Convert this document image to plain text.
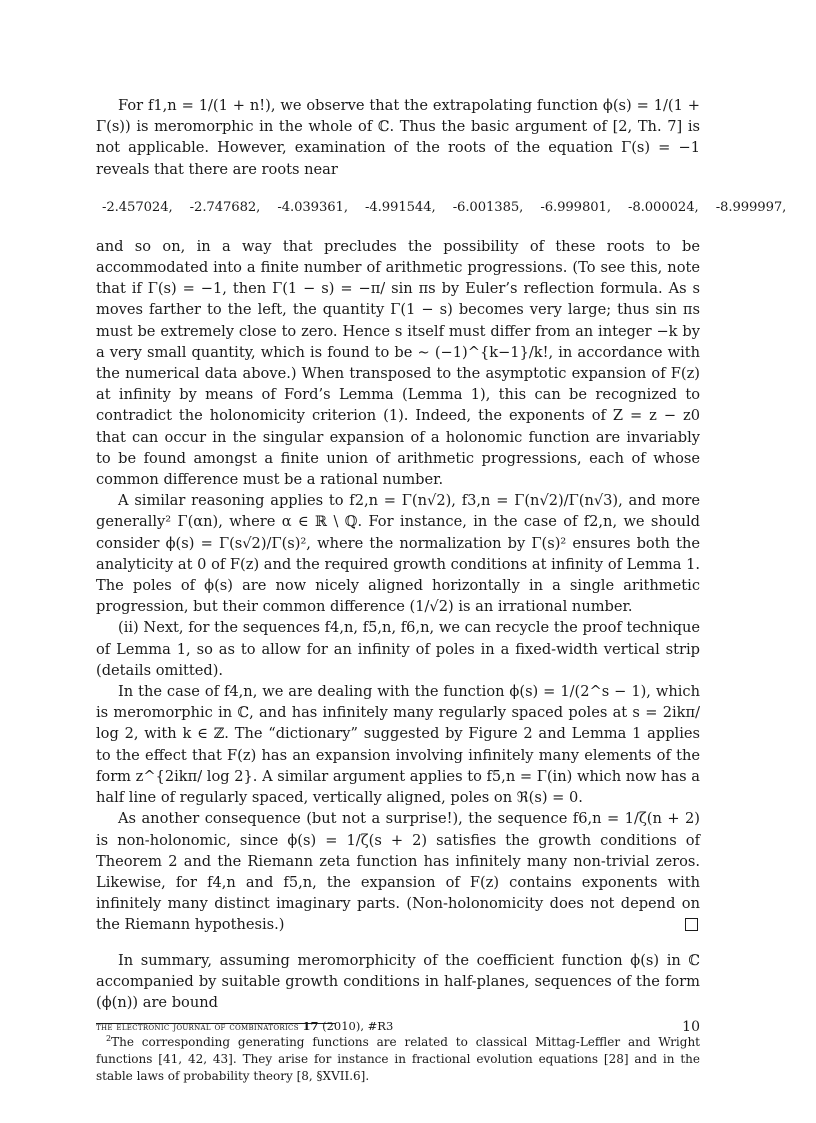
For f1,n = 1/(1 + n!), we observe that the extrapolating function ϕ(s) = 1/(1 + Γ(s)) is meromorphic in the whole of ℂ. Thus the basic argument of [2, Th. 7] is not applicable. However, examination of the roots of the equation Γ(s) = −1 reveals that there are roots near

-2.457024, -2.747682, -4.039361, -4.991544, -6.001385, -6.999801, -8.000024, -8.999997,

and so on, in a way that precludes the possibility of these roots to be accommodated into a finite number of arithmetic progressions. (To see this, note that if Γ(s) = −1, then Γ(1 − s) = −π/ sin πs by Euler’s reflection formula. As s moves farther to the left, the quantity Γ(1 − s) becomes very large; thus sin πs must be extremely close to zero. Hence s itself must differ from an integer −k by a very small quantity, which is found to be ∼ (−1)^{k−1}/k!, in accordance with the numerical data above.) When transposed to the asymptotic expansion of F(z) at infinity by means of Ford’s Lemma (Lemma 1), this can be recognized to contradict the holonomicity criterion (1). Indeed, the exponents of Z = z − z0 that can occur in the singular expansion of a holonomic function are invariably to be found amongst a finite union of arithmetic progressions, each of whose common difference must be a rational number.

A similar reasoning applies to f2,n = Γ(n√2), f3,n = Γ(n√2)/Γ(n√3), and more generally² Γ(αn), where α ∈ ℝ \ ℚ. For instance, in the case of f2,n, we should consider ϕ(s) = Γ(s√2)/Γ(s)², where the normalization by Γ(s)² ensures both the analyticity at 0 of F(z) and the required growth conditions at infinity of Lemma 1. The poles of ϕ(s) are now nicely aligned horizontally in a single arithmetic progression, but their common difference (1/√2) is an irrational number.

(ii) Next, for the sequences f4,n, f5,n, f6,n, we can recycle the proof technique of Lemma 1, so as to allow for an infinity of poles in a fixed-width vertical strip (details omitted).

In the case of f4,n, we are dealing with the function ϕ(s) = 1/(2^s − 1), which is meromorphic in ℂ, and has infinitely many regularly spaced poles at s = 2ikπ/ log 2, with k ∈ ℤ. The “dictionary” suggested by Figure 2 and Lemma 1 applies to the effect that F(z) has an expansion involving infinitely many elements of the form z^{2ikπ/ log 2}. A similar argument applies to f5,n = Γ(in) which now has a half line of regularly spaced, vertically aligned, poles on ℜ(s) = 0.

As another consequence (but not a surprise!), the sequence f6,n = 1/ζ(n + 2) is non-holonomic, since ϕ(s) = 1/ζ(s + 2) satisfies the growth conditions of Theorem 2 and the Riemann zeta function has infinitely many non-trivial zeros. Likewise, for f4,n and f5,n, the expansion of F(z) contains exponents with infinitely many distinct imaginary parts. (Non-holonomicity does not depend on the Riemann hypothesis.)

In summary, assuming meromorphicity of the coefficient function ϕ(s) in ℂ accompanied by suitable growth conditions in half-planes, sequences of the form (ϕ(n)) are bound

$^2$The corresponding generating functions are related to classical Mittag-Leffler and Wright functions [41, 42, 43]. They arise for instance in fractional evolution equations [28] and in the stable laws of probability theory [8, §XVII.6].

the electronic journal of combinatorics 17 (2010), #R3	10
